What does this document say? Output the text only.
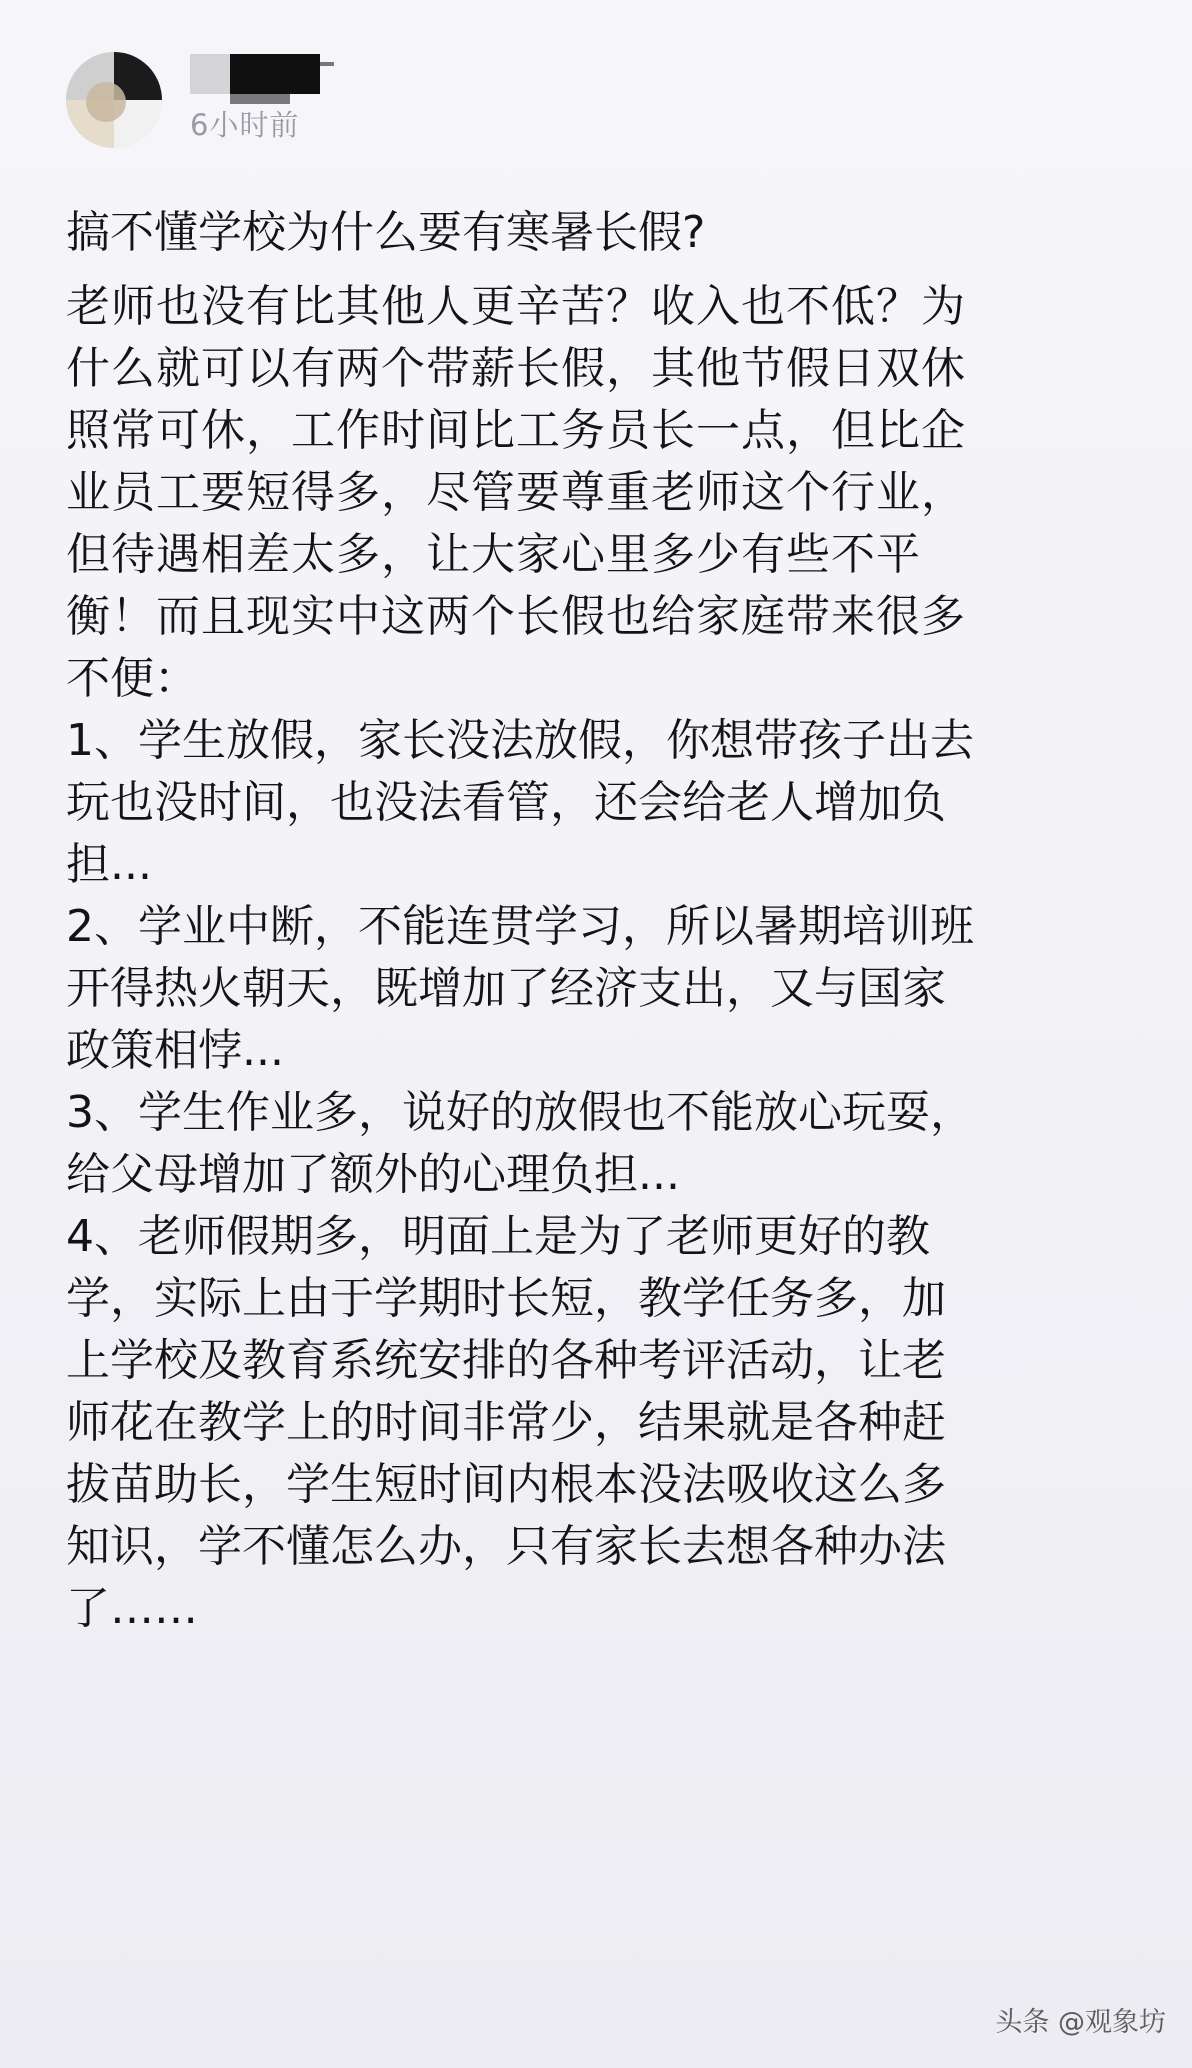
6小时前
搞不懂学校为什么要有寒暑长假?
老师也没有比其他人更辛苦？收入也不低？为
什么就可以有两个带薪长假，其他节假日双休
照常可休，工作时间比工务员长一点，但比企
业员工要短得多，尽管要尊重老师这个行业，
但待遇相差太多，让大家心里多少有些不平
衡！而且现实中这两个长假也给家庭带来很多
不便：
1、学生放假，家长没法放假，你想带孩子出去
玩也没时间，也没法看管，还会给老人增加负
担...
2、学业中断，不能连贯学习，所以暑期培训班
开得热火朝天，既增加了经济支出，又与国家
政策相悖...
3、学生作业多，说好的放假也不能放心玩耍，
给父母增加了额外的心理负担...
4、老师假期多，明面上是为了老师更好的教
学，实际上由于学期时长短，教学任务多，加
上学校及教育系统安排的各种考评活动，让老
师花在教学上的时间非常少，结果就是各种赶
拔苗助长，学生短时间内根本没法吸收这么多
知识，学不懂怎么办，只有家长去想各种办法
了……
头条 @观象坊
